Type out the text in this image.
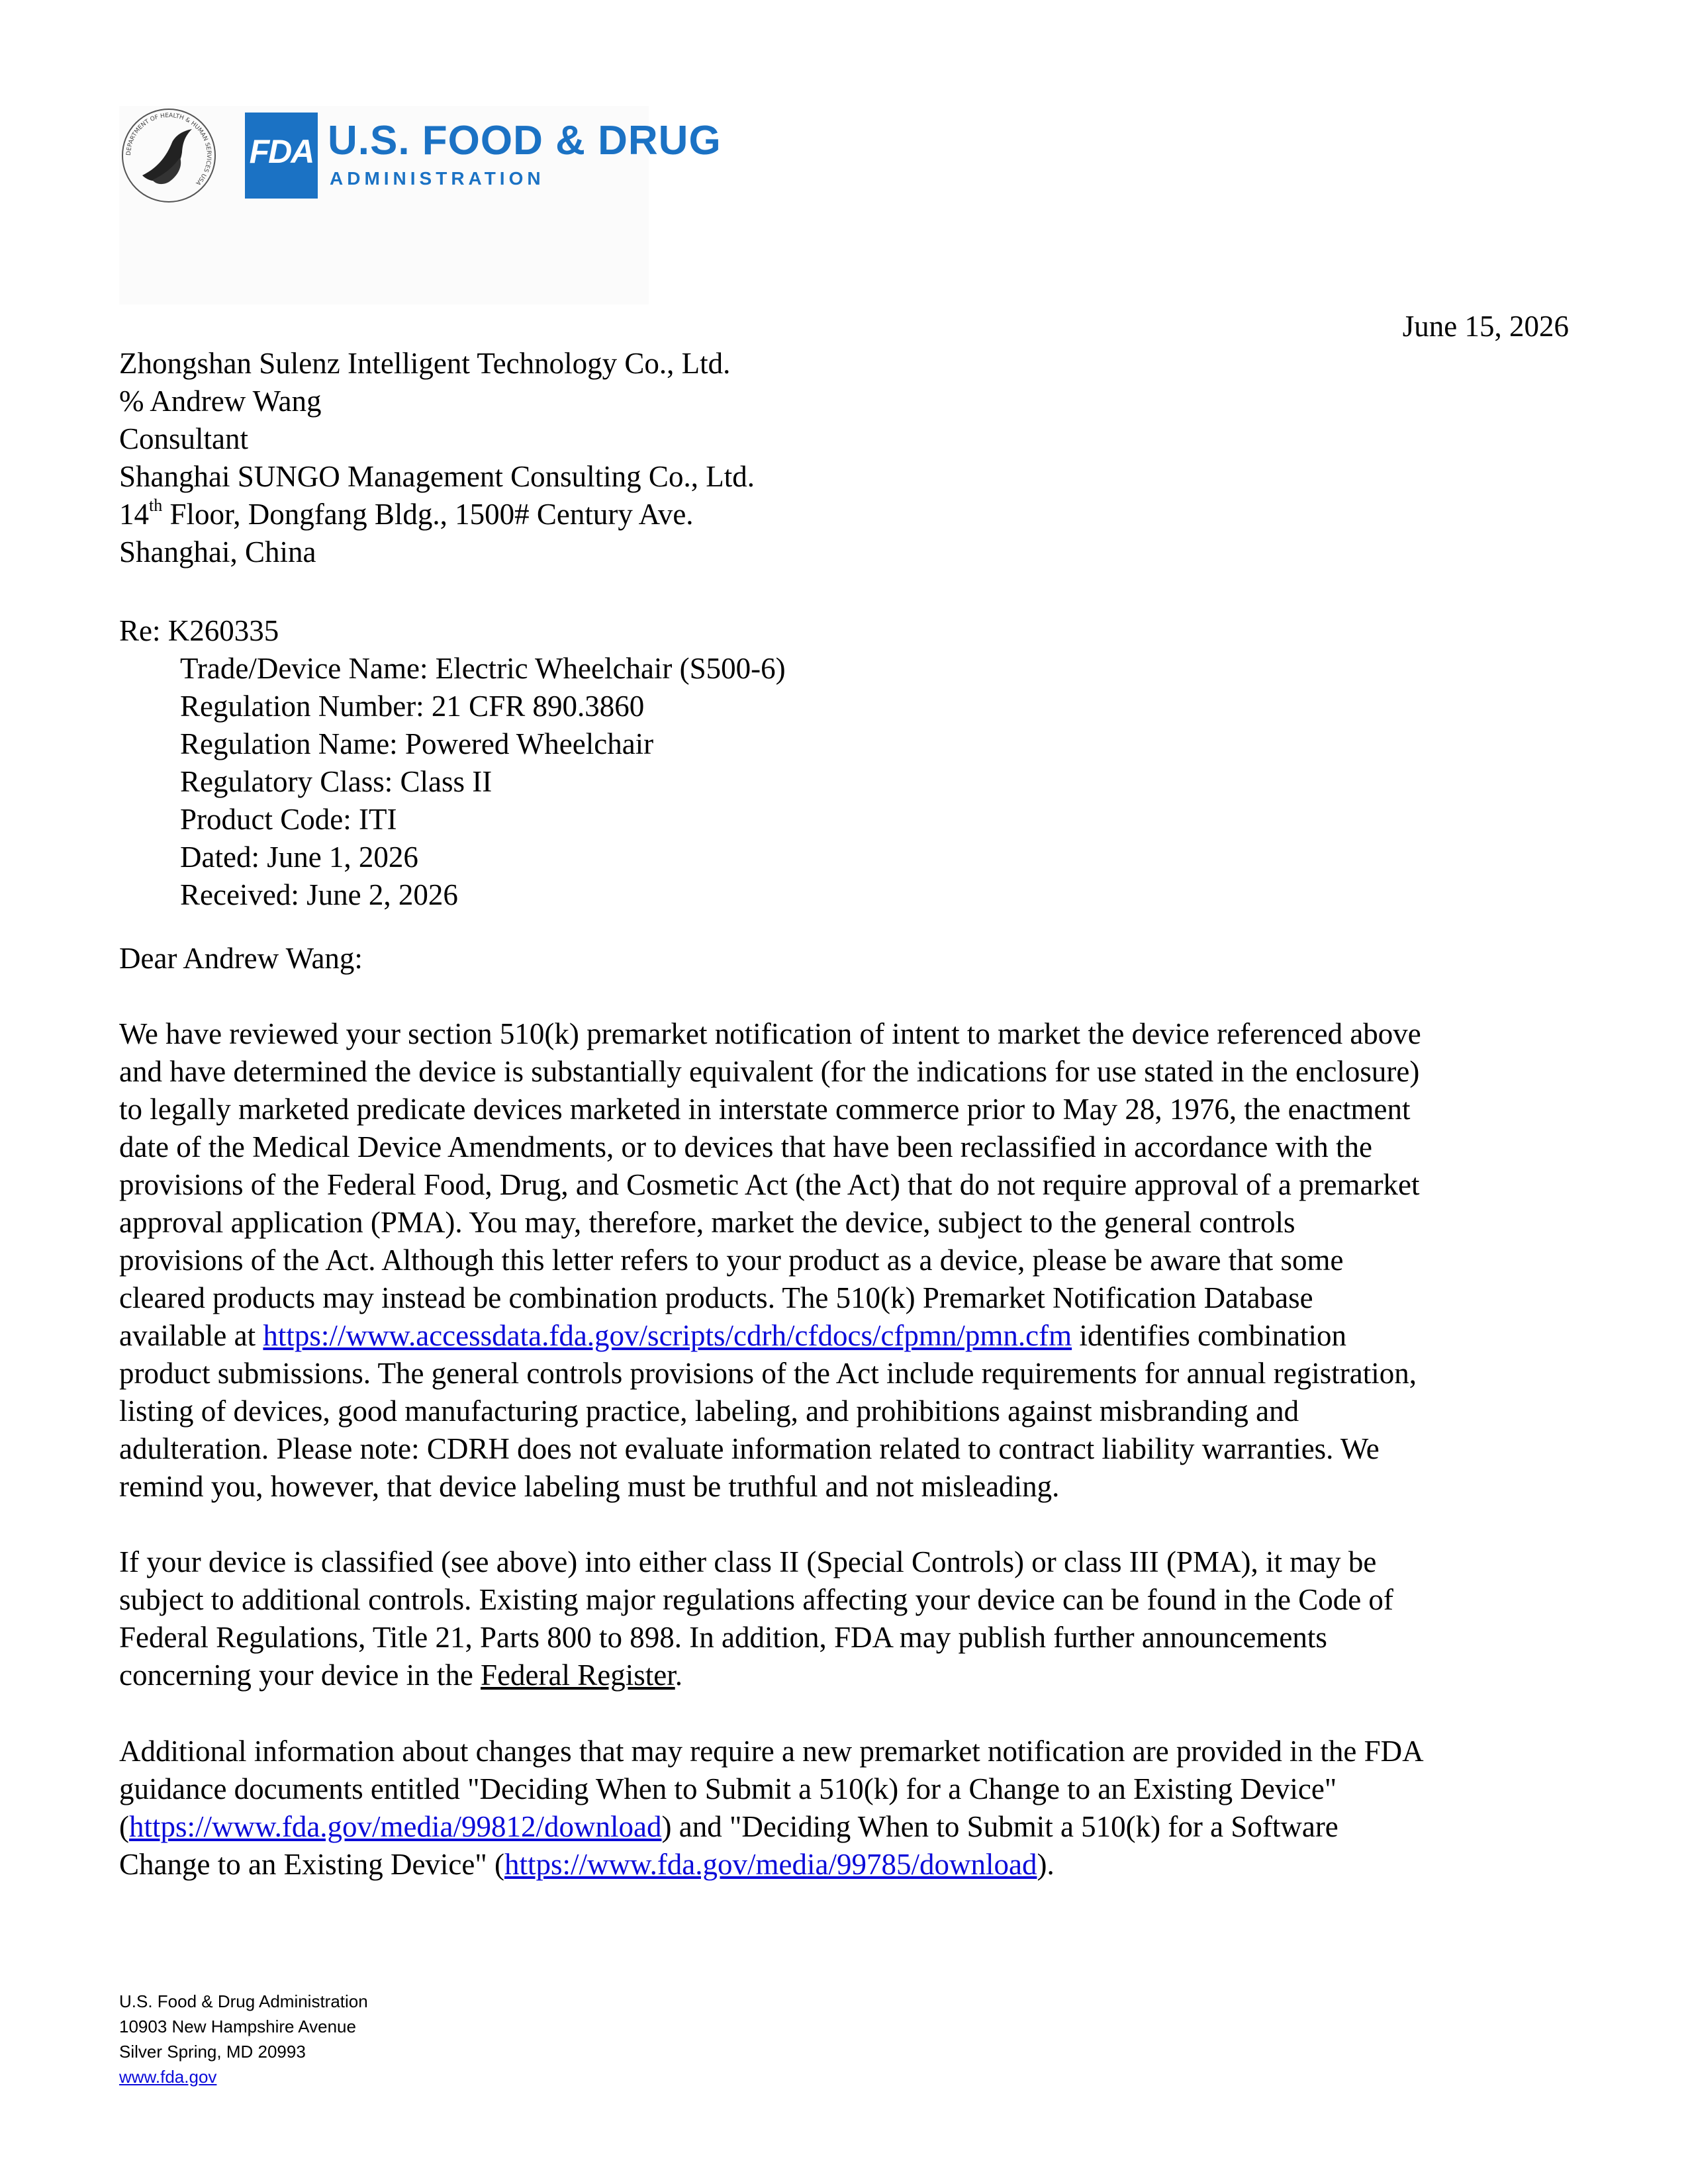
DEPARTMENT OF HEALTH & HUMAN SERVICES USA
FDA U.S. FOOD & DRUG
ADMINISTRATION
June 15, 2026
Zhongshan Sulenz Intelligent Technology Co., Ltd.
% Andrew Wang
Consultant
Shanghai SUNGO Management Consulting Co., Ltd.
14th Floor, Dongfang Bldg., 1500# Century Ave.
Shanghai, China
Re: K260335
Trade/Device Name: Electric Wheelchair (S500-6)
Regulation Number: 21 CFR 890.3860
Regulation Name: Powered Wheelchair
Regulatory Class: Class II
Product Code: ITI
Dated: June 1, 2026
Received: June 2, 2026
Dear Andrew Wang:
We have reviewed your section 510(k) premarket notification of intent to market the device referenced above
and have determined the device is substantially equivalent (for the indications for use stated in the enclosure)
to legally marketed predicate devices marketed in interstate commerce prior to May 28, 1976, the enactment
date of the Medical Device Amendments, or to devices that have been reclassified in accordance with the
provisions of the Federal Food, Drug, and Cosmetic Act (the Act) that do not require approval of a premarket
approval application (PMA). You may, therefore, market the device, subject to the general controls
provisions of the Act. Although this letter refers to your product as a device, please be aware that some
cleared products may instead be combination products. The 510(k) Premarket Notification Database
available at https://www.accessdata.fda.gov/scripts/cdrh/cfdocs/cfpmn/pmn.cfm identifies combination
product submissions. The general controls provisions of the Act include requirements for annual registration,
listing of devices, good manufacturing practice, labeling, and prohibitions against misbranding and
adulteration. Please note: CDRH does not evaluate information related to contract liability warranties. We
remind you, however, that device labeling must be truthful and not misleading.
If your device is classified (see above) into either class II (Special Controls) or class III (PMA), it may be
subject to additional controls. Existing major regulations affecting your device can be found in the Code of
Federal Regulations, Title 21, Parts 800 to 898. In addition, FDA may publish further announcements
concerning your device in the Federal Register.
Additional information about changes that may require a new premarket notification are provided in the FDA
guidance documents entitled "Deciding When to Submit a 510(k) for a Change to an Existing Device"
(https://www.fda.gov/media/99812/download) and "Deciding When to Submit a 510(k) for a Software
Change to an Existing Device" (https://www.fda.gov/media/99785/download).
U.S. Food & Drug Administration
10903 New Hampshire Avenue
Silver Spring, MD 20993
www.fda.gov
